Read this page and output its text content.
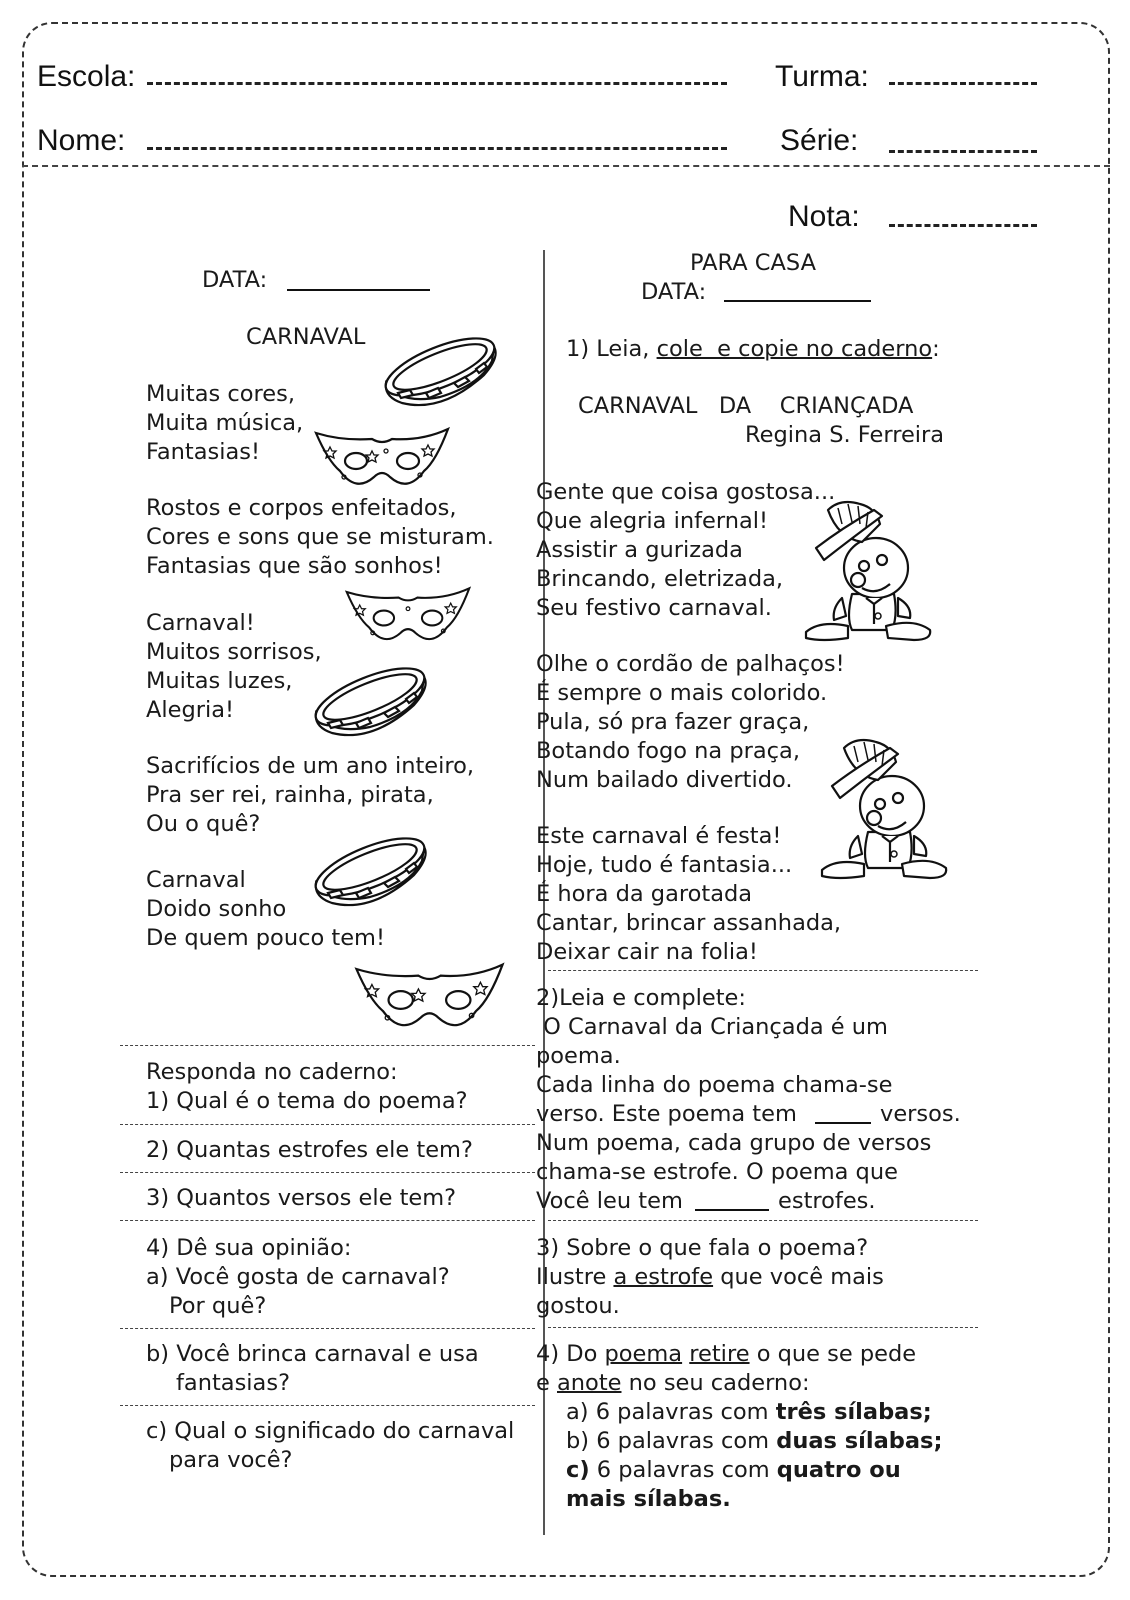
Escola:	Turma:
Nome:	Série:
Nota:
DATA:
CARNAVAL
Muitas cores,
Muita música,
Fantasias!
Rostos e corpos enfeitados,
Cores e sons que se misturam.
Fantasias que são sonhos!
Carnaval!
Muitos sorrisos,
Muitas luzes,
Alegria!
Sacrifícios de um ano inteiro,
Pra ser rei, rainha, pirata,
Ou o quê?
Carnaval
Doido sonho
De quem pouco tem!
Responda no caderno:
1) Qual é o tema do poema?
2) Quantas estrofes ele tem?
3) Quantos versos ele tem?
4) Dê sua opinião:
a) Você gosta de carnaval?
Por quê?
b) Você brinca carnaval e usa
fantasias?
c) Qual o significado do carnaval
para você?
PARA CASA
DATA:
1) Leia, cole  e copie no caderno:
CARNAVAL   DA    CRIANÇADA
Regina S. Ferreira
Gente que coisa gostosa...
Que alegria infernal!
Assistir a gurizada
Brincando, eletrizada,
Seu festivo carnaval.
Olhe o cordão de palhaços!
É sempre o mais colorido.
Pula, só pra fazer graça,
Botando fogo na praça,
Num bailado divertido.
Este carnaval é festa!
Hoje, tudo é fantasia...
É hora da garotada
Cantar, brincar assanhada,
Deixar cair na folia!
2)Leia e complete:
O Carnaval da Criançada é um
poema.
Cada linha do poema chama-se
verso. Este poema tem	versos.
Num poema, cada grupo de versos
chama-se estrofe. O poema que
Você leu tem	estrofes.
3) Sobre o que fala o poema?
Ilustre a estrofe que você mais
gostou.
4) Do poema retire o que se pede
e anote no seu caderno:
a) 6 palavras com três sílabas;
b) 6 palavras com duas sílabas;
c) 6 palavras com quatro ou
mais sílabas.
